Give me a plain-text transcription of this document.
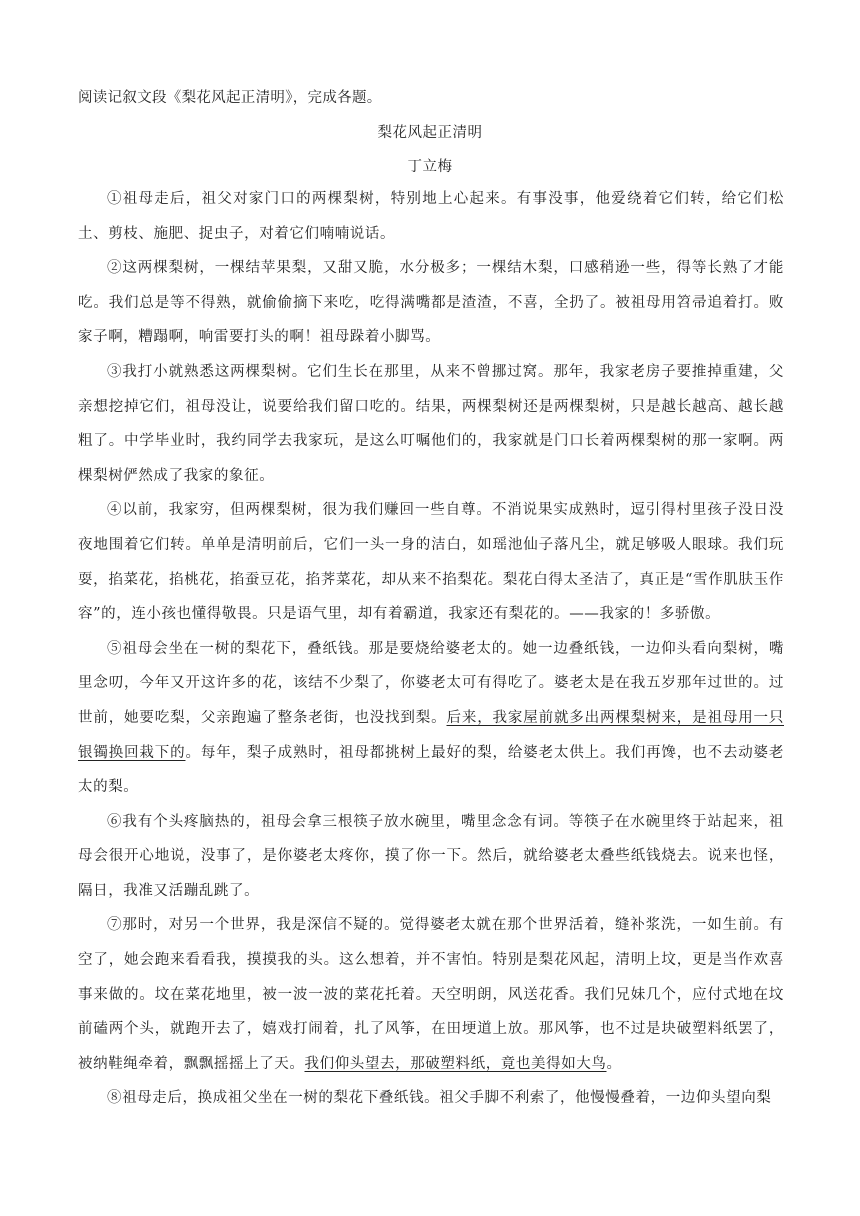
阅读记叙文段《梨花风起正清明》，完成各题。
梨花风起正清明
丁立梅

①祖母走后，祖父对家门口的两棵梨树，特别地上心起来。有事没事，他爱绕着它们转，给它们松土、剪枝、施肥、捉虫子，对着它们喃喃说话。

②这两棵梨树，一棵结苹果梨，又甜又脆，水分极多；一棵结木梨，口感稍逊一些，得等长熟了才能吃。我们总是等不得熟，就偷偷摘下来吃，吃得满嘴都是渣渣，不喜，全扔了。被祖母用笤帚追着打。败家子啊，糟蹋啊，响雷要打头的啊！祖母跺着小脚骂。

③我打小就熟悉这两棵梨树。它们生长在那里，从来不曾挪过窝。那年，我家老房子要推掉重建，父亲想挖掉它们，祖母没让，说要给我们留口吃的。结果，两棵梨树还是两棵梨树，只是越长越高、越长越粗了。中学毕业时，我约同学去我家玩，是这么叮嘱他们的，我家就是门口长着两棵梨树的那一家啊。两棵梨树俨然成了我家的象征。

④以前，我家穷，但两棵梨树，很为我们赚回一些自尊。不消说果实成熟时，逗引得村里孩子没日没夜地围着它们转。单单是清明前后，它们一头一身的洁白，如瑶池仙子落凡尘，就足够吸人眼球。我们玩耍，掐菜花，掐桃花，掐蚕豆花，掐荠菜花，却从来不掐梨花。梨花白得太圣洁了，真正是“雪作肌肤玉作容”的，连小孩也懂得敬畏。只是语气里，却有着霸道，我家还有梨花的。——我家的！多骄傲。

⑤祖母会坐在一树的梨花下，叠纸钱。那是要烧给婆老太的。她一边叠纸钱，一边仰头看向梨树，嘴里念叨，今年又开这许多的花，该结不少梨了，你婆老太可有得吃了。婆老太是在我五岁那年过世的。过世前，她要吃梨，父亲跑遍了整条老街，也没找到梨。后来，我家屋前就多出两棵梨树来，是祖母用一只银镯换回栽下的。每年，梨子成熟时，祖母都挑树上最好的梨，给婆老太供上。我们再馋，也不去动婆老太的梨。

⑥我有个头疼脑热的，祖母会拿三根筷子放水碗里，嘴里念念有词。等筷子在水碗里终于站起来，祖母会很开心地说，没事了，是你婆老太疼你，摸了你一下。然后，就给婆老太叠些纸钱烧去。说来也怪，隔日，我准又活蹦乱跳了。

⑦那时，对另一个世界，我是深信不疑的。觉得婆老太就在那个世界活着，缝补浆洗，一如生前。有空了，她会跑来看看我，摸摸我的头。这么想着，并不害怕。特别是梨花风起，清明上坟，更是当作欢喜事来做的。坟在菜花地里，被一波一波的菜花托着。天空明朗，风送花香。我们兄妹几个，应付式地在坟前磕两个头，就跑开去了，嬉戏打闹着，扎了风筝，在田埂道上放。那风筝，也不过是块破塑料纸罢了，被纳鞋绳牵着，飘飘摇摇上了天。我们仰头望去，那破塑料纸，竟也美得如大鸟。

⑧祖母走后，换成祖父坐在一树的梨花下叠纸钱。祖父手脚不利索了，他慢慢叠着，一边仰头望向梨
